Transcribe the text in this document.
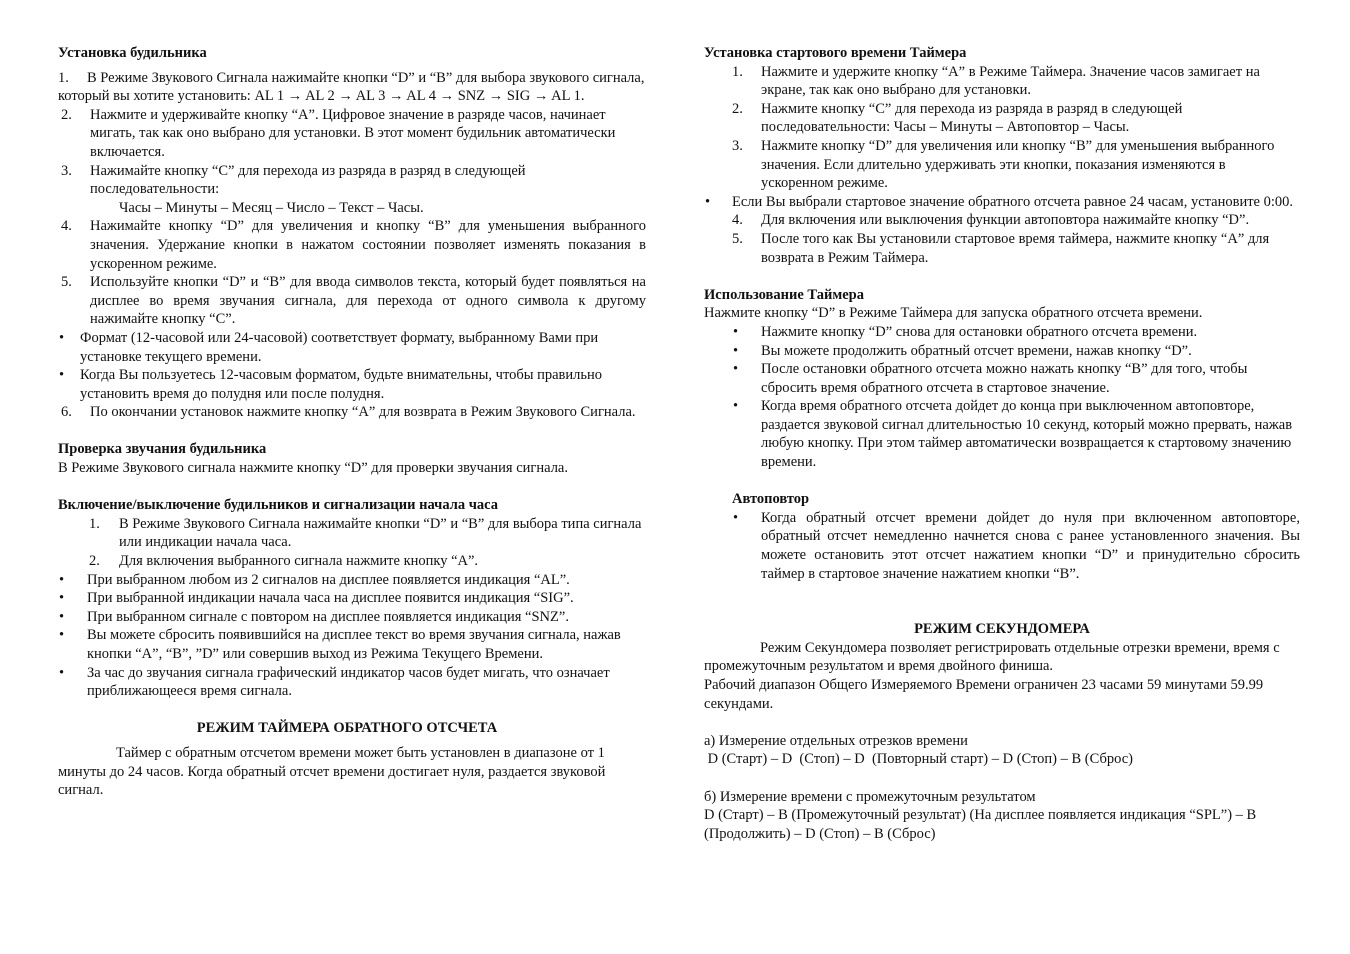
Установка будильника

1.     В Режиме Звукового Сигнала нажимайте кнопки “D” и “B” для выбора звукового сигнала, который вы хотите установить: AL 1 → AL 2 → AL 3 → AL 4 → SNZ → SIG → AL 1.

2. Нажмите и удерживайте кнопку “A”. Цифровое значение в разряде часов, начинает мигать, так как оно выбрано для установки. В этот момент будильник автоматически включается.

3. Нажимайте кнопку “C” для перехода из разряда в разряд в следующей последовательности:

Часы – Минуты – Месяц – Число – Текст – Часы.

4. Нажимайте кнопку “D” для увеличения и кнопку “B” для уменьшения выбранного значения. Удержание кнопки в нажатом состоянии позволяет изменять показания в ускоренном режиме.

5. Используйте кнопки “D” и “B” для ввода символов текста, который будет появляться на дисплее во время звучания сигнала, для перехода от одного символа к другому нажимайте кнопку “C”.

• Формат (12-часовой или 24-часовой) соответствует формату, выбранному Вами при установке текущего времени.

• Когда Вы пользуетесь 12-часовым форматом, будьте внимательны, чтобы правильно установить время до полудня или после полудня.

6. По окончании установок нажмите кнопку “A” для возврата в Режим Звукового Сигнала.

Проверка звучания будильника

В Режиме Звукового сигнала нажмите кнопку “D” для проверки звучания сигнала.

Включение/выключение будильников и сигнализации начала часа
1. В Режиме Звукового Сигнала нажимайте кнопки “D” и “B” для выбора типа сигнала или индикации начала часа.

2. Для включения выбранного сигнала нажмите кнопку “A”.

• При выбранном любом из 2 сигналов на дисплее появляется индикация “AL”.

• При выбранной индикации начала часа на дисплее появится индикация “SIG”.

• При выбранном сигнале с повтором на дисплее появляется индикация “SNZ”.

• Вы можете сбросить появившийся на дисплее текст во время звучания сигнала, нажав кнопки “A”, “B”, ”D” или совершив выход из Режима Текущего Времени.

• За час до звучания сигнала графический индикатор часов будет мигать, что означает приближающееся время сигнала.

РЕЖИМ ТАЙМЕРА ОБРАТНОГО ОТСЧЕТА

Таймер с обратным отсчетом времени может быть установлен в диапазоне от 1 минуты до 24 часов. Когда обратный отсчет времени достигает нуля, раздается звуковой сигнал.

Установка стартового времени Таймера
1. Нажмите и удержите кнопку “A” в Режиме Таймера. Значение часов замигает на экране, так как оно выбрано для установки.

2. Нажмите кнопку “C” для перехода из разряда в разряд в следующей последовательности: Часы – Минуты – Автоповтор – Часы.

3. Нажмите кнопку “D” для увеличения или кнопку “B” для уменьшения выбранного значения. Если длительно удерживать эти кнопки, показания изменяются в ускоренном режиме.

• Если Вы выбрали стартовое значение обратного отсчета равное 24 часам, установите 0:00.

4. Для включения или выключения функции автоповтора нажимайте кнопку “D”.

5. После того как Вы установили стартовое время таймера, нажмите кнопку “A” для возврата в Режим Таймера.

Использование Таймера

Нажмите кнопку “D” в Режиме Таймера для запуска обратного отсчета времени.

• Нажмите кнопку “D” снова для остановки обратного отсчета времени.

• Вы можете продолжить обратный отсчет времени, нажав кнопку “D”.

• После остановки обратного отсчета можно нажать кнопку “B” для того, чтобы сбросить время обратного отсчета в стартовое значение.

• Когда время обратного отсчета дойдет до конца при выключенном автоповторе, раздается звуковой сигнал длительностью 10 секунд, который можно прервать, нажав любую кнопку. При этом таймер автоматически возвращается к стартовому значению времени.

Автоповтор
• Когда обратный отсчет времени дойдет до нуля при включенном автоповторе, обратный отсчет немедленно начнется снова с ранее установленного значения. Вы можете остановить этот отсчет нажатием кнопки “D” и принудительно сбросить таймер в стартовое значение нажатием кнопки “B”.

РЕЖИМ СЕКУНДОМЕРА

Режим Секундомера позволяет регистрировать отдельные отрезки времени, время с промежуточным результатом и время двойного финиша.

Рабочий диапазон Общего Измеряемого Времени ограничен 23 часами 59 минутами 59.99 секундами.

а) Измерение отдельных отрезков времени

D (Старт) – D  (Стоп) – D  (Повторный старт) – D (Стоп) – B (Сброс)

б) Измерение времени с промежуточным результатом

D (Старт) – B (Промежуточный результат) (На дисплее появляется индикация “SPL”) – B (Продолжить) – D (Стоп) – B (Сброс)
